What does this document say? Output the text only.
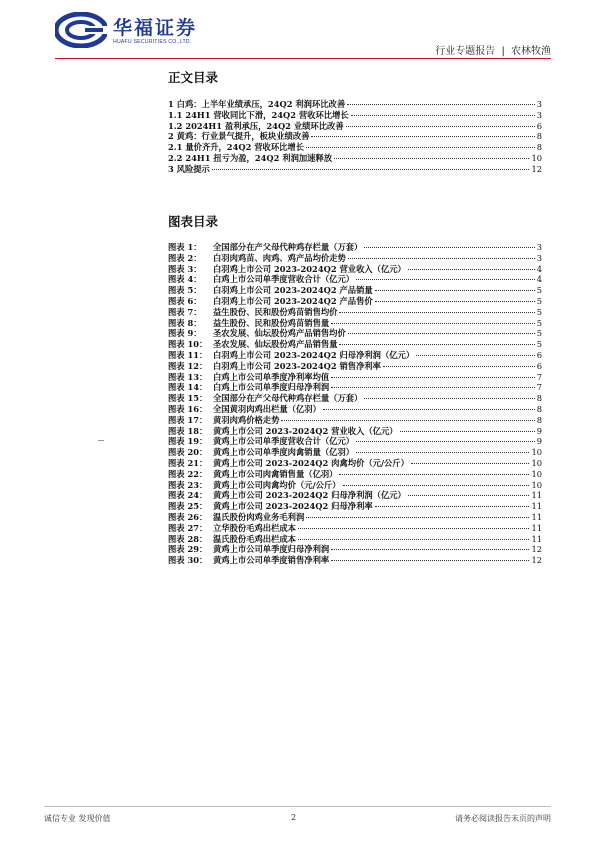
华福证券
HUAFU SECURITIES CO.,LTD.
行业专题报告 | 农林牧渔
正文目录
1 白鸡：上半年业绩承压，24Q2 利润环比改善	3
1.1 24H1 营收同比下滑，24Q2 营收环比增长	3
1.2 2024H1 盈利承压，24Q2 业绩环比改善	6
2 黄鸡：行业景气提升，板块业绩改善	8
2.1 量价齐升，24Q2 营收环比增长	8
2.2 24H1 扭亏为盈，24Q2 利润加速释放	10
3 风险提示	12
图表目录
图表 1：	全国部分在产父母代种鸡存栏量（万套）	3
图表 2：	白羽肉鸡苗、肉鸡、鸡产品均价走势	3
图表 3：	白羽鸡上市公司 2023-2024Q2 营业收入（亿元）	4
图表 4：	白鸡上市公司单季度营收合计（亿元）	4
图表 5：	白羽鸡上市公司 2023-2024Q2 产品销量	5
图表 6：	白羽鸡上市公司 2023-2024Q2 产品售价	5
图表 7：	益生股份、民和股份鸡苗销售均价	5
图表 8：	益生股份、民和股份鸡苗销售量	5
图表 9：	圣农发展、仙坛股份鸡产品销售均价	5
图表 10： 圣农发展、仙坛股份鸡产品销售量	5
图表 11： 白羽鸡上市公司 2023-2024Q2 归母净利润（亿元）	6
图表 12： 白羽鸡上市公司 2023-2024Q2 销售净利率	6
图表 13： 白鸡上市公司单季度净利率均值	7
图表 14： 白鸡上市公司单季度归母净利润	7
图表 15： 全国部分在产父母代种鸡存栏量（万套）	8
图表 16： 全国黄羽肉鸡出栏量（亿羽）	8
图表 17： 黄羽肉鸡价格走势	8
图表 18： 黄鸡上市公司 2023-2024Q2 营业收入（亿元）	9
图表 19： 黄鸡上市公司单季度营收合计（亿元）	9
图表 20： 黄鸡上市公司单季度肉禽销量（亿羽）	10
图表 21： 黄鸡上市公司 2023-2024Q2 肉禽均价（元/公斤）	10
图表 22： 黄鸡上市公司肉禽销售量（亿羽）	10
图表 23： 黄鸡上市公司肉禽均价（元/公斤）	10
图表 24： 黄鸡上市公司 2023-2024Q2 归母净利润（亿元）	11
图表 25： 黄鸡上市公司 2023-2024Q2 归母净利率	11
图表 26： 温氏股份肉鸡业务毛利润	11
图表 27： 立华股份毛鸡出栏成本	11
图表 28： 温氏股份毛鸡出栏成本	11
图表 29： 黄鸡上市公司单季度归母净利润	12
图表 30： 黄鸡上市公司单季度销售净利率	12
诚信专业 发现价值	2	请务必阅读报告末页的声明
